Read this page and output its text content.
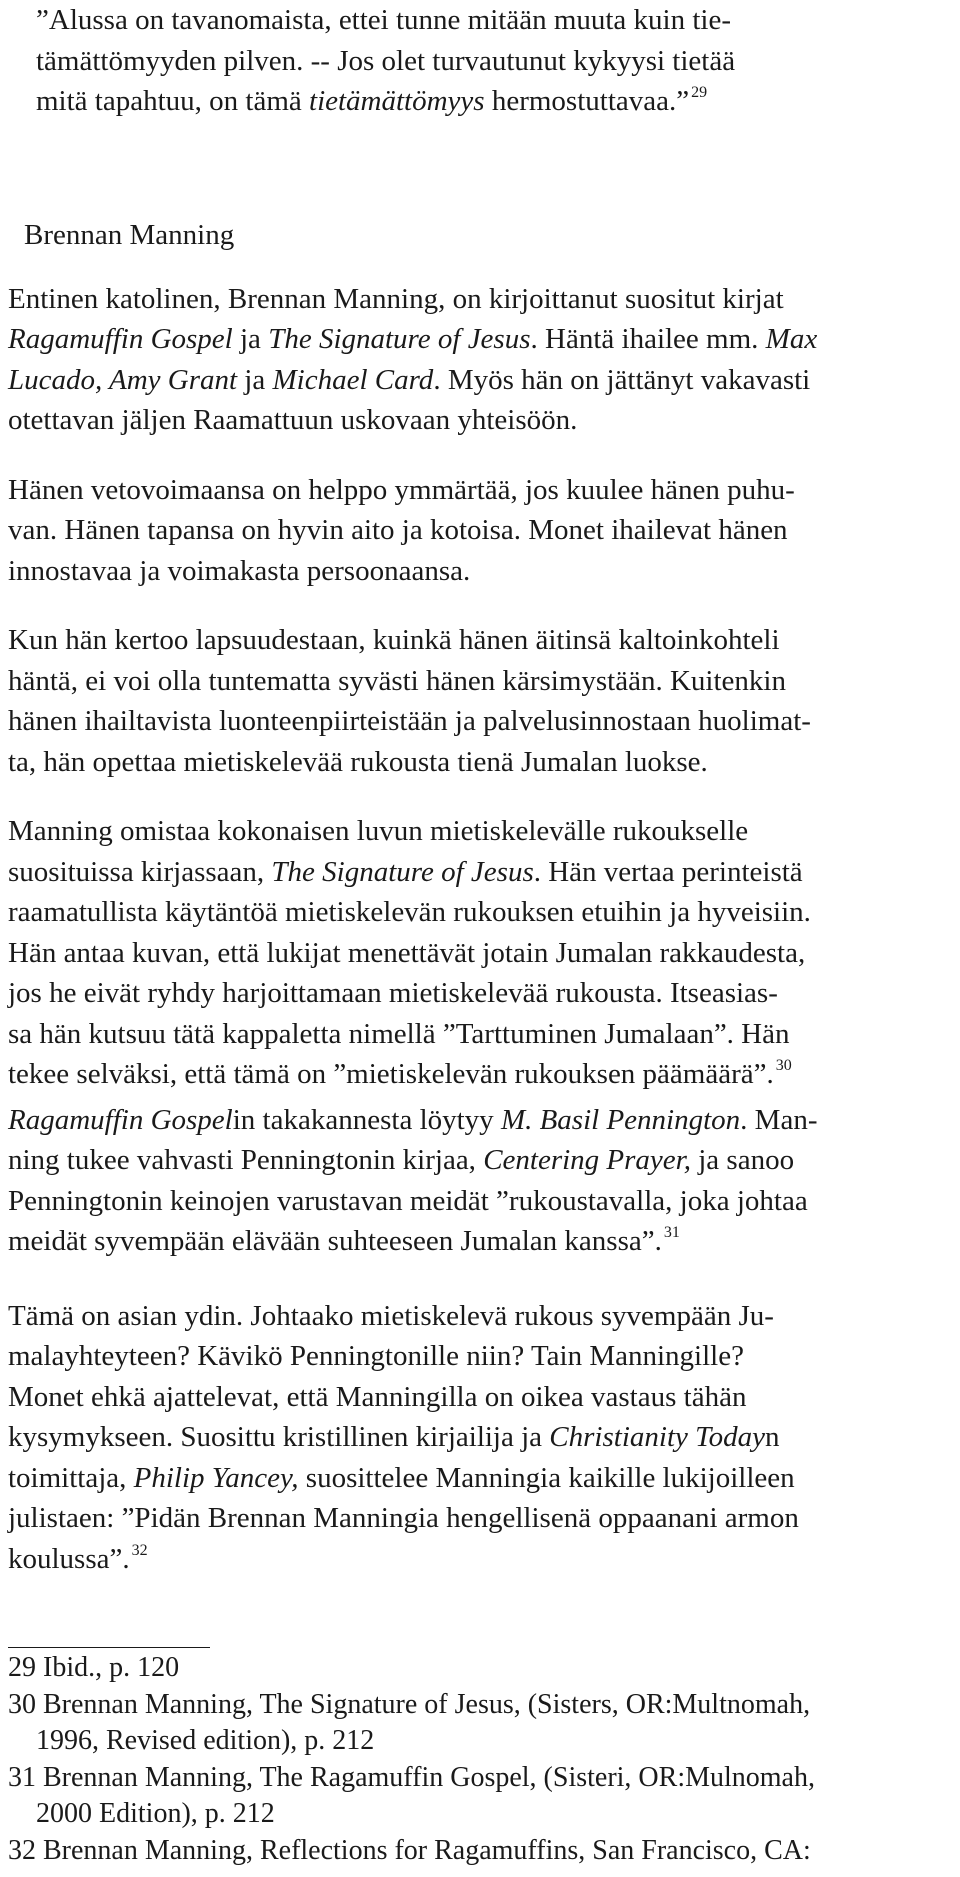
”Alussa on tavanomaista, ettei tunne mitään muuta kuin tie-
tämättömyyden pilven. -- Jos olet turvautunut kykyysi tietää
mitä tapahtuu, on tämä tietämättömyys hermostuttavaa.” $^{29}$

Brennan Manning

Entinen katolinen, Brennan Manning, on kirjoittanut suositut kirjat
Ragamuffin Gospel ja The Signature of Jesus. Häntä ihailee mm. Max
Lucado, Amy Grant ja Michael Card. Myös hän on jättänyt vakavasti
otettavan jäljen Raamattuun uskovaan yhteisöön.

Hänen vetovoimaansa on helppo ymmärtää, jos kuulee hänen puhu-
van. Hänen tapansa on hyvin aito ja kotoisa. Monet ihailevat hänen
innostavaa ja voimakasta persoonaansa.

Kun hän kertoo lapsuudestaan, kuinkä hänen äitinsä kaltoinkohteli
häntä, ei voi olla tuntematta syvästi hänen kärsimystään. Kuitenkin
hänen ihailtavista luonteenpiirteistään ja palvelusinnostaan huolimat-
ta, hän opettaa mietiskelevää rukousta tienä Jumalan luokse.

Manning omistaa kokonaisen luvun mietiskelevälle rukoukselle
suosituissa kirjassaan, The Signature of Jesus. Hän vertaa perinteistä
raamatullista käytäntöä mietiskelevän rukouksen etuihin ja hyveisiin.
Hän antaa kuvan, että lukijat menettävät jotain Jumalan rakkaudesta,
jos he eivät ryhdy harjoittamaan mietiskelevää rukousta. Itseasias-
sa hän kutsuu tätä kappaletta nimellä ”Tarttuminen Jumalaan”. Hän
tekee selväksi, että tämä on ”mietiskelevän rukouksen päämäärä”. $^{30}$
Ragamuffin Gospelin takakannesta löytyy M. Basil Pennington. Man-
ning tukee vahvasti Penningtonin kirjaa, Centering Prayer, ja sanoo
Penningtonin keinojen varustavan meidät ”rukoustavalla, joka johtaa
meidät syvempään elävään suhteeseen Jumalan kanssa”. $^{31}$

Tämä on asian ydin. Johtaako mietiskelevä rukous syvempään Ju-
malayhteyteen? Kävikö Penningtonille niin? Tain Manningille?
Monet ehkä ajattelevat, että Manningilla on oikea vastaus tähän
kysymykseen. Suosittu kristillinen kirjailija ja Christianity Todayn
toimittaja, Philip Yancey, suosittelee Manningia kaikille lukijoilleen
julistaen: ”Pidän Brennan Manningia hengellisenä oppaanani armon
koulussa”. $^{32}$

29 Ibid., p. 120
30 Brennan Manning, The Signature of Jesus, (Sisters, OR:Multnomah,
1996, Revised edition), p. 212
31 Brennan Manning, The Ragamuffin Gospel, (Sisteri, OR:Mulnomah,
2000 Edition), p. 212
32 Brennan Manning, Reflections for Ragamuffins, San Francisco, CA:
